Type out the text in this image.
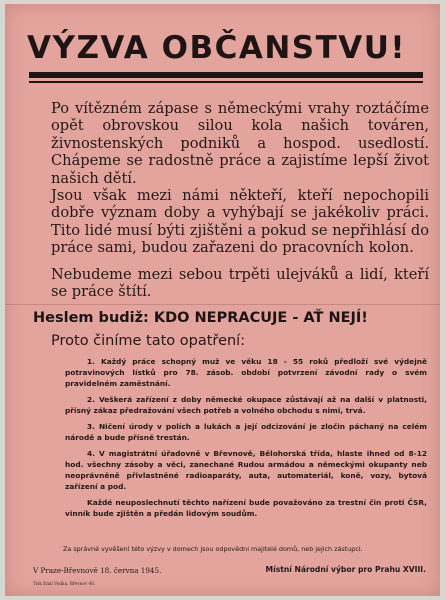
VÝZVA OBČANSTVU!

Po vítězném zápase s německými vrahy roztáčíme opět obrovskou silou kola našich továren, živnostenských podniků a hospod. usedlostí. Chápeme se radostně práce a zajistíme lepší život našich dětí.

Jsou však mezi námi někteří, kteří nepochopili dobře význam doby a vyhýbají se jakékoliv práci. Tito lidé musí býti zjištěni a pokud se nepřihlásí do práce sami, budou zařazeni do pracovních kolon.

Nebudeme mezi sebou trpěti ulejváků a lidí, kteří se práce štítí.

Heslem budiž: KDO NEPRACUJE - AŤ NEJÍ!
Proto činíme tato opatření:

1. Každý práce schopný muž ve věku 18 - 55 roků předloží své výdejně potravinových lístků pro 78. zásob. období potvrzení závodní rady o svém pravidelném zaměstnání.

2. Veškerá zařízení z doby německé okupace zůstávají až na další v platnosti, přísný zákaz předražování všech potřeb a volného obchodu s nimi, trvá.

3. Ničení úrody v polích a lukách a její odcizování je zločin páchaný na celém národě a bude přísně trestán.

4. V magistrátní úřadovně v Břevnově, Bělohorská třída, hlaste ihned od 8-12 hod. všechny zásoby a věci, zanechané Rudou armádou a německými okupanty neb neoprávněně přivlastněné radioaparáty, auta, automateriál, koně, vozy, bytová zařízení a pod.

Každé neuposlechnutí těchto nařízení bude považováno za trestní čin proti ČSR, vinník bude zjištěn a předán lidovým soudům.

Za správné vyvěšení této výzvy v domech jsou odpovědni majitelé domů, neb jejich zástupci.
V Praze-Břevnově 18. června 1945.	Místní Národní výbor pro Prahu XVIII.
Tisk Emil Vodka, Břevnov 48.
